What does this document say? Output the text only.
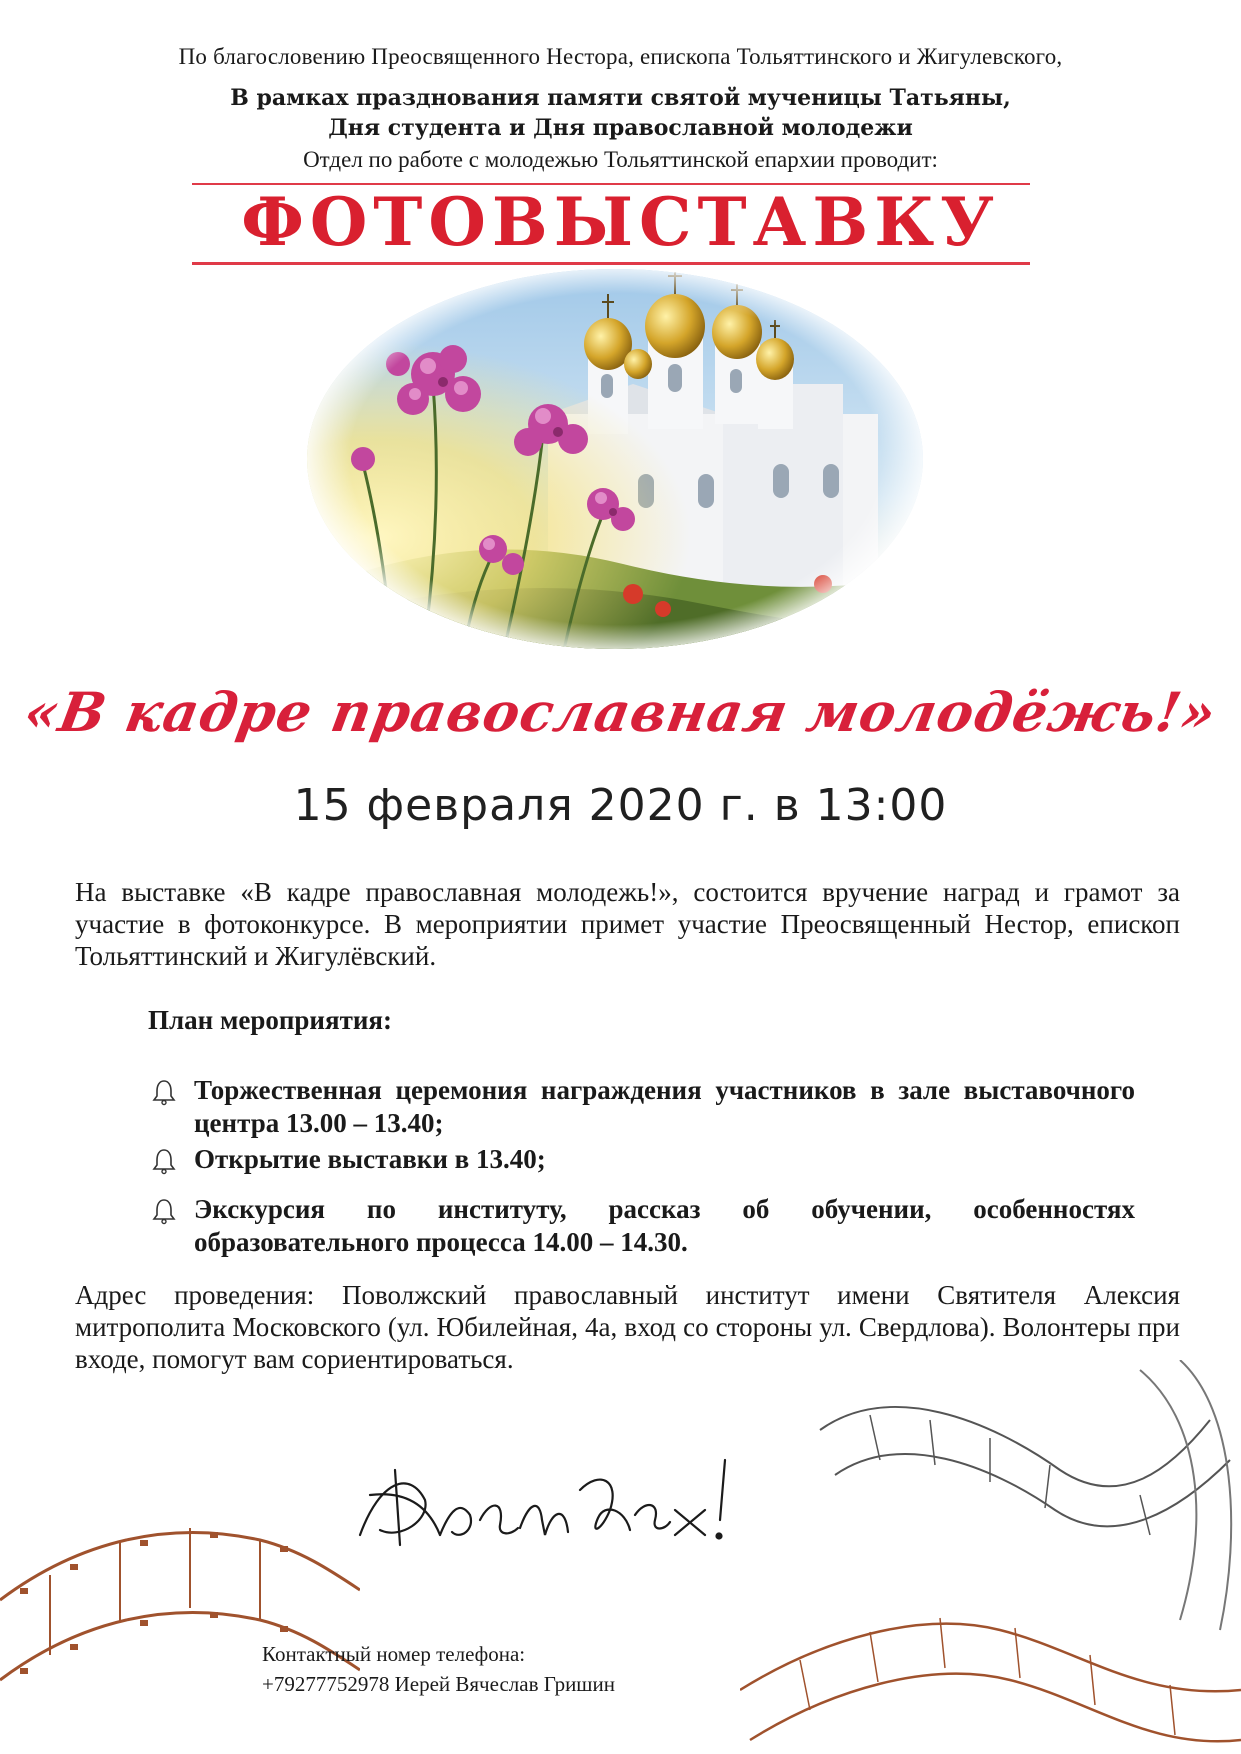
По благословению Преосвященного Нестора, епископа Тольяттинского и Жигулевского,
В рамках празднования памяти святой мученицы Татьяны,
Дня студента и Дня православной молодежи
Отдел по работе с молодежью Тольяттинской епархии проводит:
ФОТОВЫСТАВКУ
«В кадре православная молодёжь!»
15 февраля 2020 г. в 13:00
На выставке «В кадре православная молодежь!», состоится вручение наград и грамот за участие в фотоконкурсе. В мероприятии примет участие Преосвященный Нестор, епископ Тольяттинский и Жигулёвский.
План мероприятия:
Торжественная церемония награждения участников в зале выставочного центра 13.00 – 13.40;
Открытие выставки в 13.40;
Экскурсия по институту, рассказ об обучении, особенностях образовательного процесса 14.00 – 14.30.
Адрес проведения: Поволжский православный институт имени Святителя Алексия митрополита Московского (ул. Юбилейная, 4а, вход со стороны ул. Свердлова). Волонтеры при входе, помогут вам сориентироваться.
Контактный номер телефона:
+79277752978 Иерей Вячеслав Гришин
